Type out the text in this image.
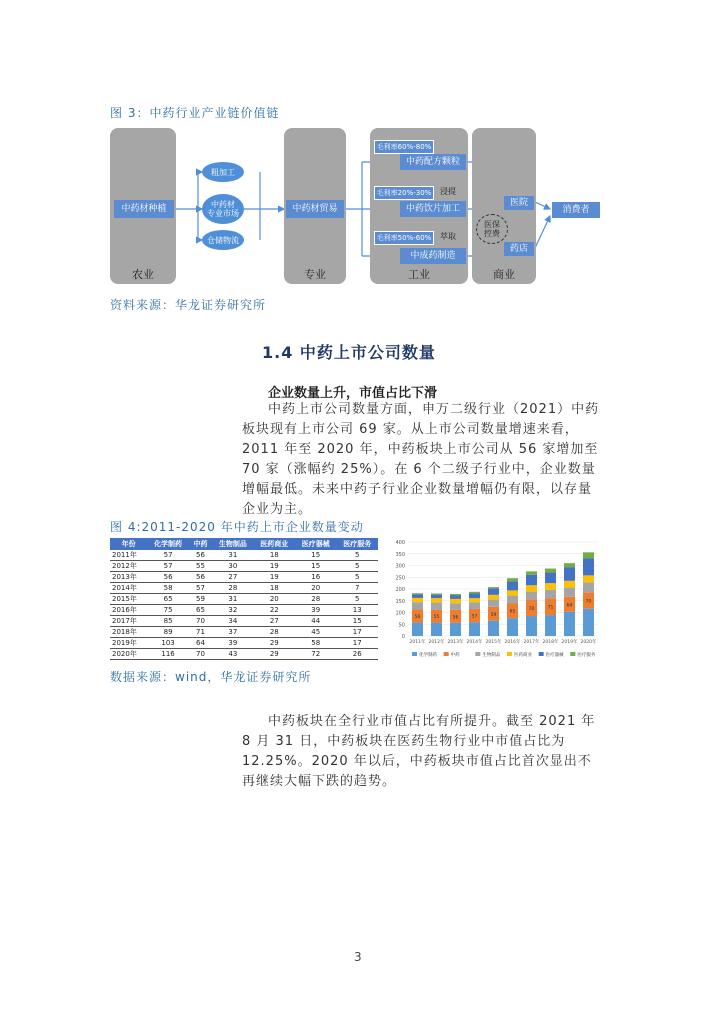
图 3：中药行业产业链价值链
农业	专业	工业	商业
中药材种植
粗加工
中药材
专业市场
仓储物流
中药材贸易
毛利率60%-80%
中药配方颗粒
毛利率20%-30%	浸提
中药饮片加工
毛利率50%-60%	萃取
中成药制造
医院
医保
控费
药店
消费者
资料来源：华龙证券研究所
1.4 中药上市公司数量
企业数量上升，市值占比下滑

中药上市公司数量方面，申万二级行业（2021）中药板块现有上市公司 69 家。从上市公司数量增速来看，2011 年至 2020 年，中药板块上市公司从 56 家增加至 70 家（涨幅约 25%）。在 6 个二级子行业中，企业数量增幅最低。未来中药子行业企业数量增幅仍有限，以存量企业为主。

图 4:2011-2020 年中药上市企业数量变动
年份	化学制药	中药	生物制品	医药商业	医疗器械	医疗服务
2011年	57	56	31	18	15	5
2012年	57	55	30	19	15	5
2013年	56	56	27	19	16	5
2014年	58	57	28	18	20	7
2015年	65	59	31	20	28	5
2016年	75	65	32	22	39	13
2017年	85	70	34	27	44	15
2018年	89	71	37	28	45	17
2019年	103	64	39	29	58	17
2020年	116	70	43	29	72	26
0
50
100
150
200
250
300
350
400
56
2011年
55
2012年
56
2013年
57
2014年
59
2015年
65
2016年
70
2017年
71
2018年
64
2019年
70
2020年
化学制药	中药	生物制品	医药商业	医疗器械	医疗服务
数据来源：wind，华龙证券研究所

中药板块在全行业市值占比有所提升。截至 2021 年 8 月 31 日，中药板块在医药生物行业中市值占比为 12.25%。2020 年以后，中药板块市值占比首次显出不再继续大幅下跌的趋势。

3
